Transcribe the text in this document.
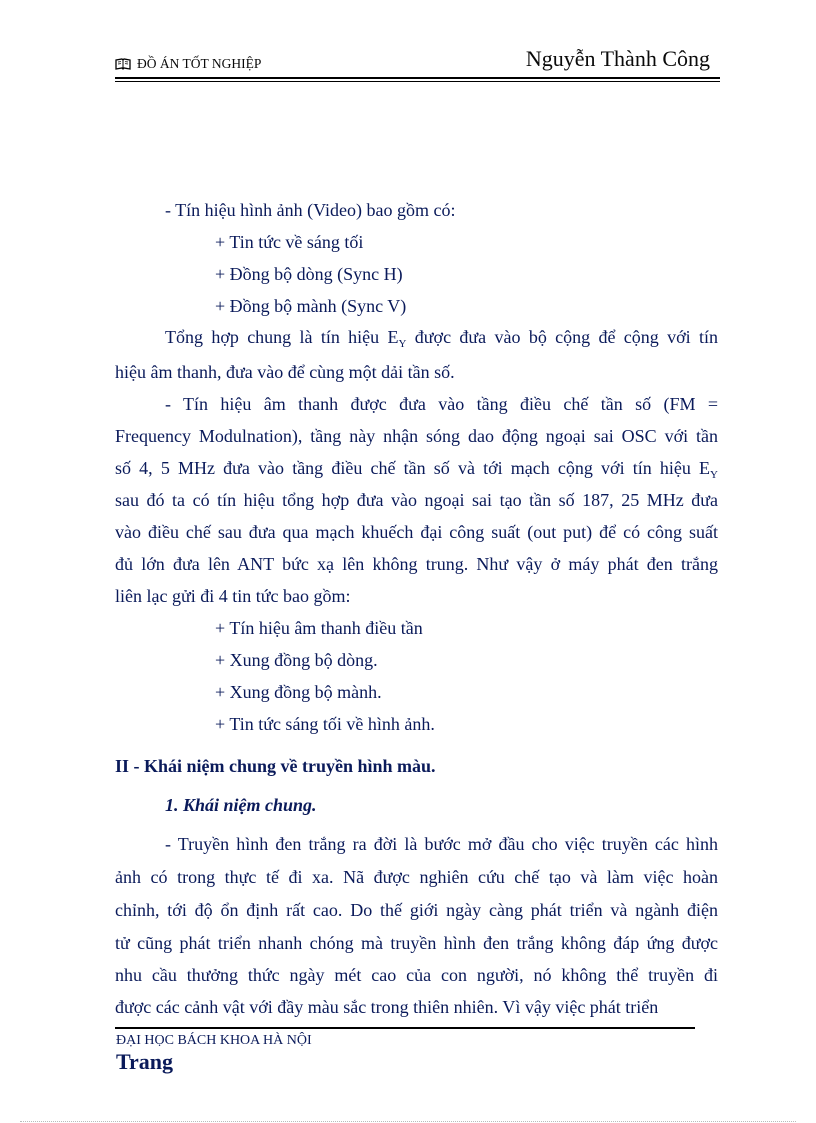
ĐỒ ÁN TỐT NGHIỆP	Nguyễn Thành Công
- Tín hiệu hình ảnh (Video) bao gồm có:
+ Tin tức về sáng tối
+ Đồng bộ dòng (Sync H)
+ Đồng bộ mành (Sync V)
Tổng hợp chung là tín hiệu $E_Y$ được đưa vào bộ cộng để cộng với tín
hiệu âm thanh, đưa vào để cùng một dải tần số.
- Tín hiệu âm thanh được đưa vào tầng điều chế tần số (FM =
Frequency Modulnation), tầng này nhận sóng dao động ngoại sai OSC với tần
số 4, 5 MHz đưa vào tầng điều chế tần số và tới mạch cộng với tín hiệu $E_Y$
sau đó ta có tín hiệu tổng hợp đưa vào ngoại sai tạo tần số 187, 25 MHz đưa
vào điều chế sau đưa qua mạch khuếch đại công suất (out put) để có công suất
đủ lớn đưa lên ANT bức xạ lên không trung. Như vậy ở máy phát đen trắng
liên lạc gửi đi 4 tin tức bao gồm:
+ Tín hiệu âm thanh điều tần
+ Xung đồng bộ dòng.
+ Xung đồng bộ mành.
+ Tin tức sáng tối về hình ảnh.
II - Khái niệm chung về truyền hình màu.
1. Khái niệm chung.
- Truyền hình đen trắng ra đời là bước mở đầu cho việc truyền các hình
ảnh có trong thực tế đi xa. Nã được nghiên cứu chế tạo và làm việc hoàn
chỉnh, tới độ ổn định rất cao. Do thế giới ngày càng phát triển và ngành điện
tử cũng phát triển nhanh chóng mà truyền hình đen trắng không đáp ứng được
nhu cầu thưởng thức ngày mét cao của con người, nó không thể truyền đi
được các cảnh vật với đầy màu sắc trong thiên nhiên. Vì vậy việc phát triển
ĐẠI HỌC BÁCH KHOA HÀ NỘI
Trang
